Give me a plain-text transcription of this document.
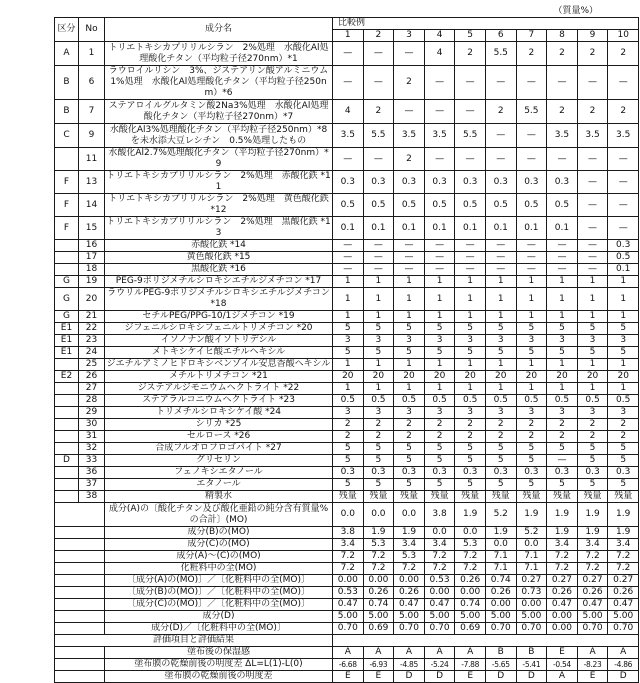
（質量%）
区分	No	成分名	比較例									
			1	2	3	4	5	6	7	8	9	10
A	1	トリエトキシカプリリルシラン　2%処理　水酸化Al処理酸化チタン（平均粒子径270nm）*1	—	—	—	4	2	5.5	2	2	2	2
B	6	ラウロイルリシン　3%、ジステアリン酸アルミニウム　1%処理　水酸化Al処理酸化チタン（平均粒子径250nm）*6	—	—	2	—	—	—	—	—	—	—
B	7	ステアロイルグルタミン酸2Na3%処理　水酸化Al処理酸化チタン（平均粒子径270nm）*7	4	2	—	—	—	2	5.5	2	2	2
C	9	水酸化Al3%処理酸化チタン（平均粒子径250nm）*8を未水添大豆レシチン　0.5%処理したもの	3.5	5.5	3.5	3.5	5.5	—	—	3.5	3.5	3.5
	11	水酸化Al2.7%処理酸化チタン（平均粒子径270nm）*9	—	—	2	—	—	—	—	—	—	—
F	13	トリエトキシカプリリルシラン　2%処理　赤酸化鉄 *11	0.3	0.3	0.3	0.3	0.3	0.3	0.3	0.3	—	—
F	14	トリエトキシカプリリルシラン　2%処理　黄色酸化鉄 *12	0.5	0.5	0.5	0.5	0.5	0.5	0.5	0.5	—	—
F	15	トリエトキシカプリリルシラン　2%処理　黒酸化鉄 *13	0.1	0.1	0.1	0.1	0.1	0.1	0.1	0.1	—	—
	16	赤酸化鉄 *14	—	—	—	—	—	—	—	—	—	0.3
	17	黄色酸化鉄 *15	—	—	—	—	—	—	—	—	—	0.5
	18	黒酸化鉄 *16	—	—	—	—	—	—	—	—	—	0.1
G	19	PEG-9ポリジメチルシロキシエチルジメチコン *17	1	1	1	1	1	1	1	1	1	1
G	20	ラウリルPEG-9ポリジメチルシロキシエチルジメチコン *18	1	1	1	1	1	1	1	1	1	1
G	21	セチルPEG/PPG-10/1ジメチコン *19	1	1	1	1	1	1	1	1	1	1
E1	22	ジフェニルシロキシフェニルトリメチコン *20	5	5	5	5	5	5	5	5	5	5
E1	23	イソノナン酸イソトリデシル	3	3	3	3	3	3	3	3	3	3
E1	24	メトキシケイヒ酸エチルヘキシル	5	5	5	5	5	5	5	5	5	5
	25	ジエチルアミノヒドロキシベンゾイル安息香酸ヘキシル	1	1	1	1	1	1	1	1	1	1
E2	26	メチルトリメチコン *21	20	20	20	20	20	20	20	20	20	20
	27	ジステアルジモニウムヘクトライト *22	1	1	1	1	1	1	1	1	1	1
	28	ステアラルコニウムヘクトライト *23	0.5	0.5	0.5	0.5	0.5	0.5	0.5	0.5	0.5	0.5
	29	トリメチルシロキシケイ酸 *24	3	3	3	3	3	3	3	3	3	3
	30	シリカ *25	2	2	2	2	2	2	2	2	2	2
	31	セルロース *26	2	2	2	2	2	2	2	2	2	2
	32	合成フルオロフロゴパイト *27	5	5	5	5	5	5	5	5	5	5
D	33	グリセリン	5	5	5	5	5	5	5	—	5	5
	36	フェノキシエタノール	0.3	0.3	0.3	0.3	0.3	0.3	0.3	0.3	0.3	0.3
	37	エタノール	5	5	5	5	5	5	5	5	5	5
	38	精製水	残量	残量	残量	残量	残量	残量	残量	残量	残量	残量
		成分(A)の〔酸化チタン及び酸化亜鉛の純分含有質量%の合計〕(MO)	0.0	0.0	0.0	3.8	1.9	5.2	1.9	1.9	1.9	1.9
		成分(B)の(MO)	3.8	1.9	1.9	0.0	0.0	1.9	5.2	1.9	1.9	1.9
		成分(C)の(MO)	3.4	5.3	3.4	3.4	5.3	0.0	0.0	3.4	3.4	3.4
		成分(A)～(C)の(MO)	7.2	7.2	5.3	7.2	7.2	7.1	7.1	7.2	7.2	7.2
		化粧料中の全(MO)	7.2	7.2	7.2	7.2	7.2	7.1	7.1	7.2	7.2	7.2
		〔成分(A)の(MO)〕／〔化粧料中の全(MO)〕	0.00	0.00	0.00	0.53	0.26	0.74	0.27	0.27	0.27	0.27
		〔成分(B)の(MO)〕／〔化粧料中の全(MO)〕	0.53	0.26	0.26	0.00	0.00	0.26	0.73	0.26	0.26	0.26
		〔成分(C)の(MO)〕／〔化粧料中の全(MO)〕	0.47	0.74	0.47	0.47	0.74	0.00	0.00	0.47	0.47	0.47
		成分(D)	5.00	5.00	5.00	5.00	5.00	5.00	5.00	0.00	5.00	5.00
		成分(D)／〔化粧料中の全(MO)〕	0.70	0.69	0.70	0.70	0.69	0.70	0.70	0.00	0.70	0.70
評価項目と評価結果												
		塗布後の保湿感	A	A	A	A	A	B	B	E	A	A
		塗布膜の乾燥前後の明度差 ΔL=L(1)-L(0)	-6.68	-6.93	-4.85	-5.24	-7.88	-5.65	-5.41	-0.54	-8.23	-4.86
		塗布膜の乾燥前後の明度差	E	E	D	D	E	D	D	A	E	D
